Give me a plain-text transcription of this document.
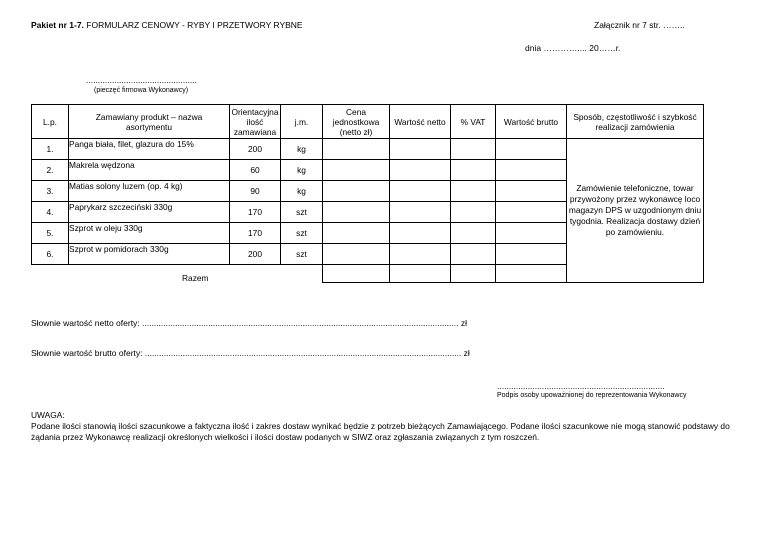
Pakiet nr 1-7. FORMULARZ CENOWY - RYBY I PRZETWORY RYBNE	Załącznik nr 7 str. ……..
dnia ………….... 20……r.
...............................................
(pieczęć firmowa Wykonawcy)
L.p.	Zamawiany produkt – nazwa asortymentu	Orientacyjna ilość zamawiana	j.m.	Cena jednostkowa (netto zł)	Wartość netto	% VAT	Wartość brutto	Sposób, częstotliwość i szybkość realizacji zamówienia
1.	Panga biała, filet, glazura do 15%	200	kg					Zamówienie telefoniczne, towar przywożony przez wykonawcę loco magazyn DPS w uzgodnionym dniu tygodnia. Realizacja dostawy dzień po zamówieniu.
2.	Makrela wędzona	60	kg					
3.	Matias solony luzem (op. 4 kg)	90	kg					
4.	Paprykarz szczeciński 330g	170	szt					
5.	Szprot w oleju 330g	170	szt					
6.	Szprot w pomidorach 330g	200	szt					
	Razem							
Słownie wartość netto oferty: ...................................................................................................................................... zł
Słownie wartość brutto oferty: ...................................................................................................................................... zł
.......................................................................
Podpis osoby upoważnionej do reprezentowania Wykonawcy
UWAGA:
Podane ilości stanowią ilości szacunkowe a faktyczna ilość i zakres dostaw wynikać będzie z potrzeb bieżących Zamawiającego. Podane ilości szacunkowe nie mogą stanowić podstawy do żądania przez Wykonawcę realizacji określonych wielkości i ilości dostaw podanych w SIWZ oraz zgłaszania związanych z tym roszczeń.
